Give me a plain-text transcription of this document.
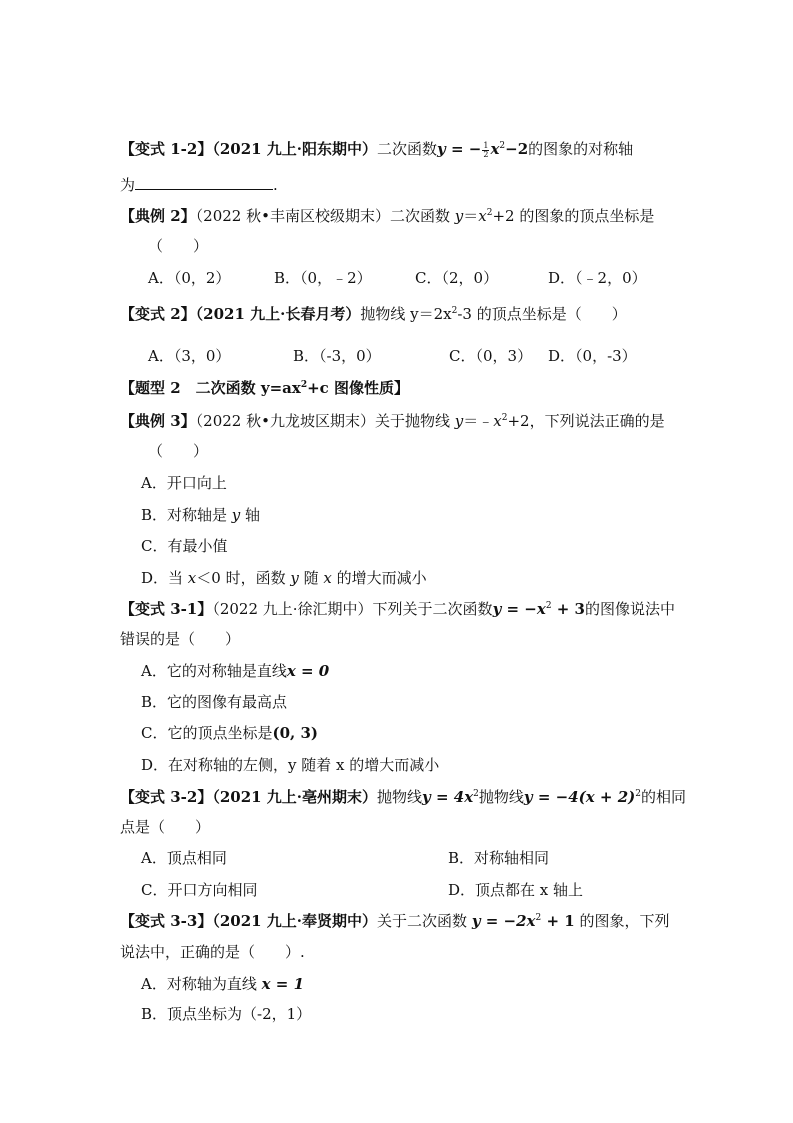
【变式 1-2】（2021 九上·阳东期中）二次函数y = − $\frac{1}{2} x^2-2$的图象的对称轴
为	.
【典例 2】（2022 秋•丰南区校级期末）二次函数 $y=x^2+2$ 的图象的顶点坐标是
（　　）
A．（0，2）	B．（0，﹣2）	C．（2，0）	D．（﹣2，0）
【变式 2】（2021 九上·长春月考）抛物线 $y=2x^2-3$ 的顶点坐标是（　　）
A．（3，0）	B．（-3，0）	C．（0，3） D．（0，-3）
【题型 2　二次函数 $y=ax^2+c$ 图像性质】
【典例 3】（2022 秋•九龙坡区期末）关于抛物线 $y=﹣x^2+2$，下列说法正确的是
（　　）
A．开口向上
B．对称轴是 y 轴
C．有最小值
D．当 x＜0 时，函数 y 随 x 的增大而减小
【变式 3-1】（2022 九上·徐汇期中）下列关于二次函数$y = -x^2 + 3$的图像说法中
错误的是（　　）
A．它的对称轴是直线x = 0
B．它的图像有最高点
C．它的顶点坐标是(0, 3)
D．在对称轴的左侧，y 随着 x 的增大而减小
【变式 3-2】（2021 九上·亳州期末）抛物线$y = 4x^2$抛物线$y = -4(x + 2)^2$的相同
点是（　　）
A．顶点相同	B．对称轴相同
C．开口方向相同	D．顶点都在 x 轴上
【变式 3-3】（2021 九上·奉贤期中）关于二次函数 $y = -2x^2 + 1$ 的图象，下列
说法中，正确的是（　　）.
A．对称轴为直线 x = 1
B．顶点坐标为（-2，1）
